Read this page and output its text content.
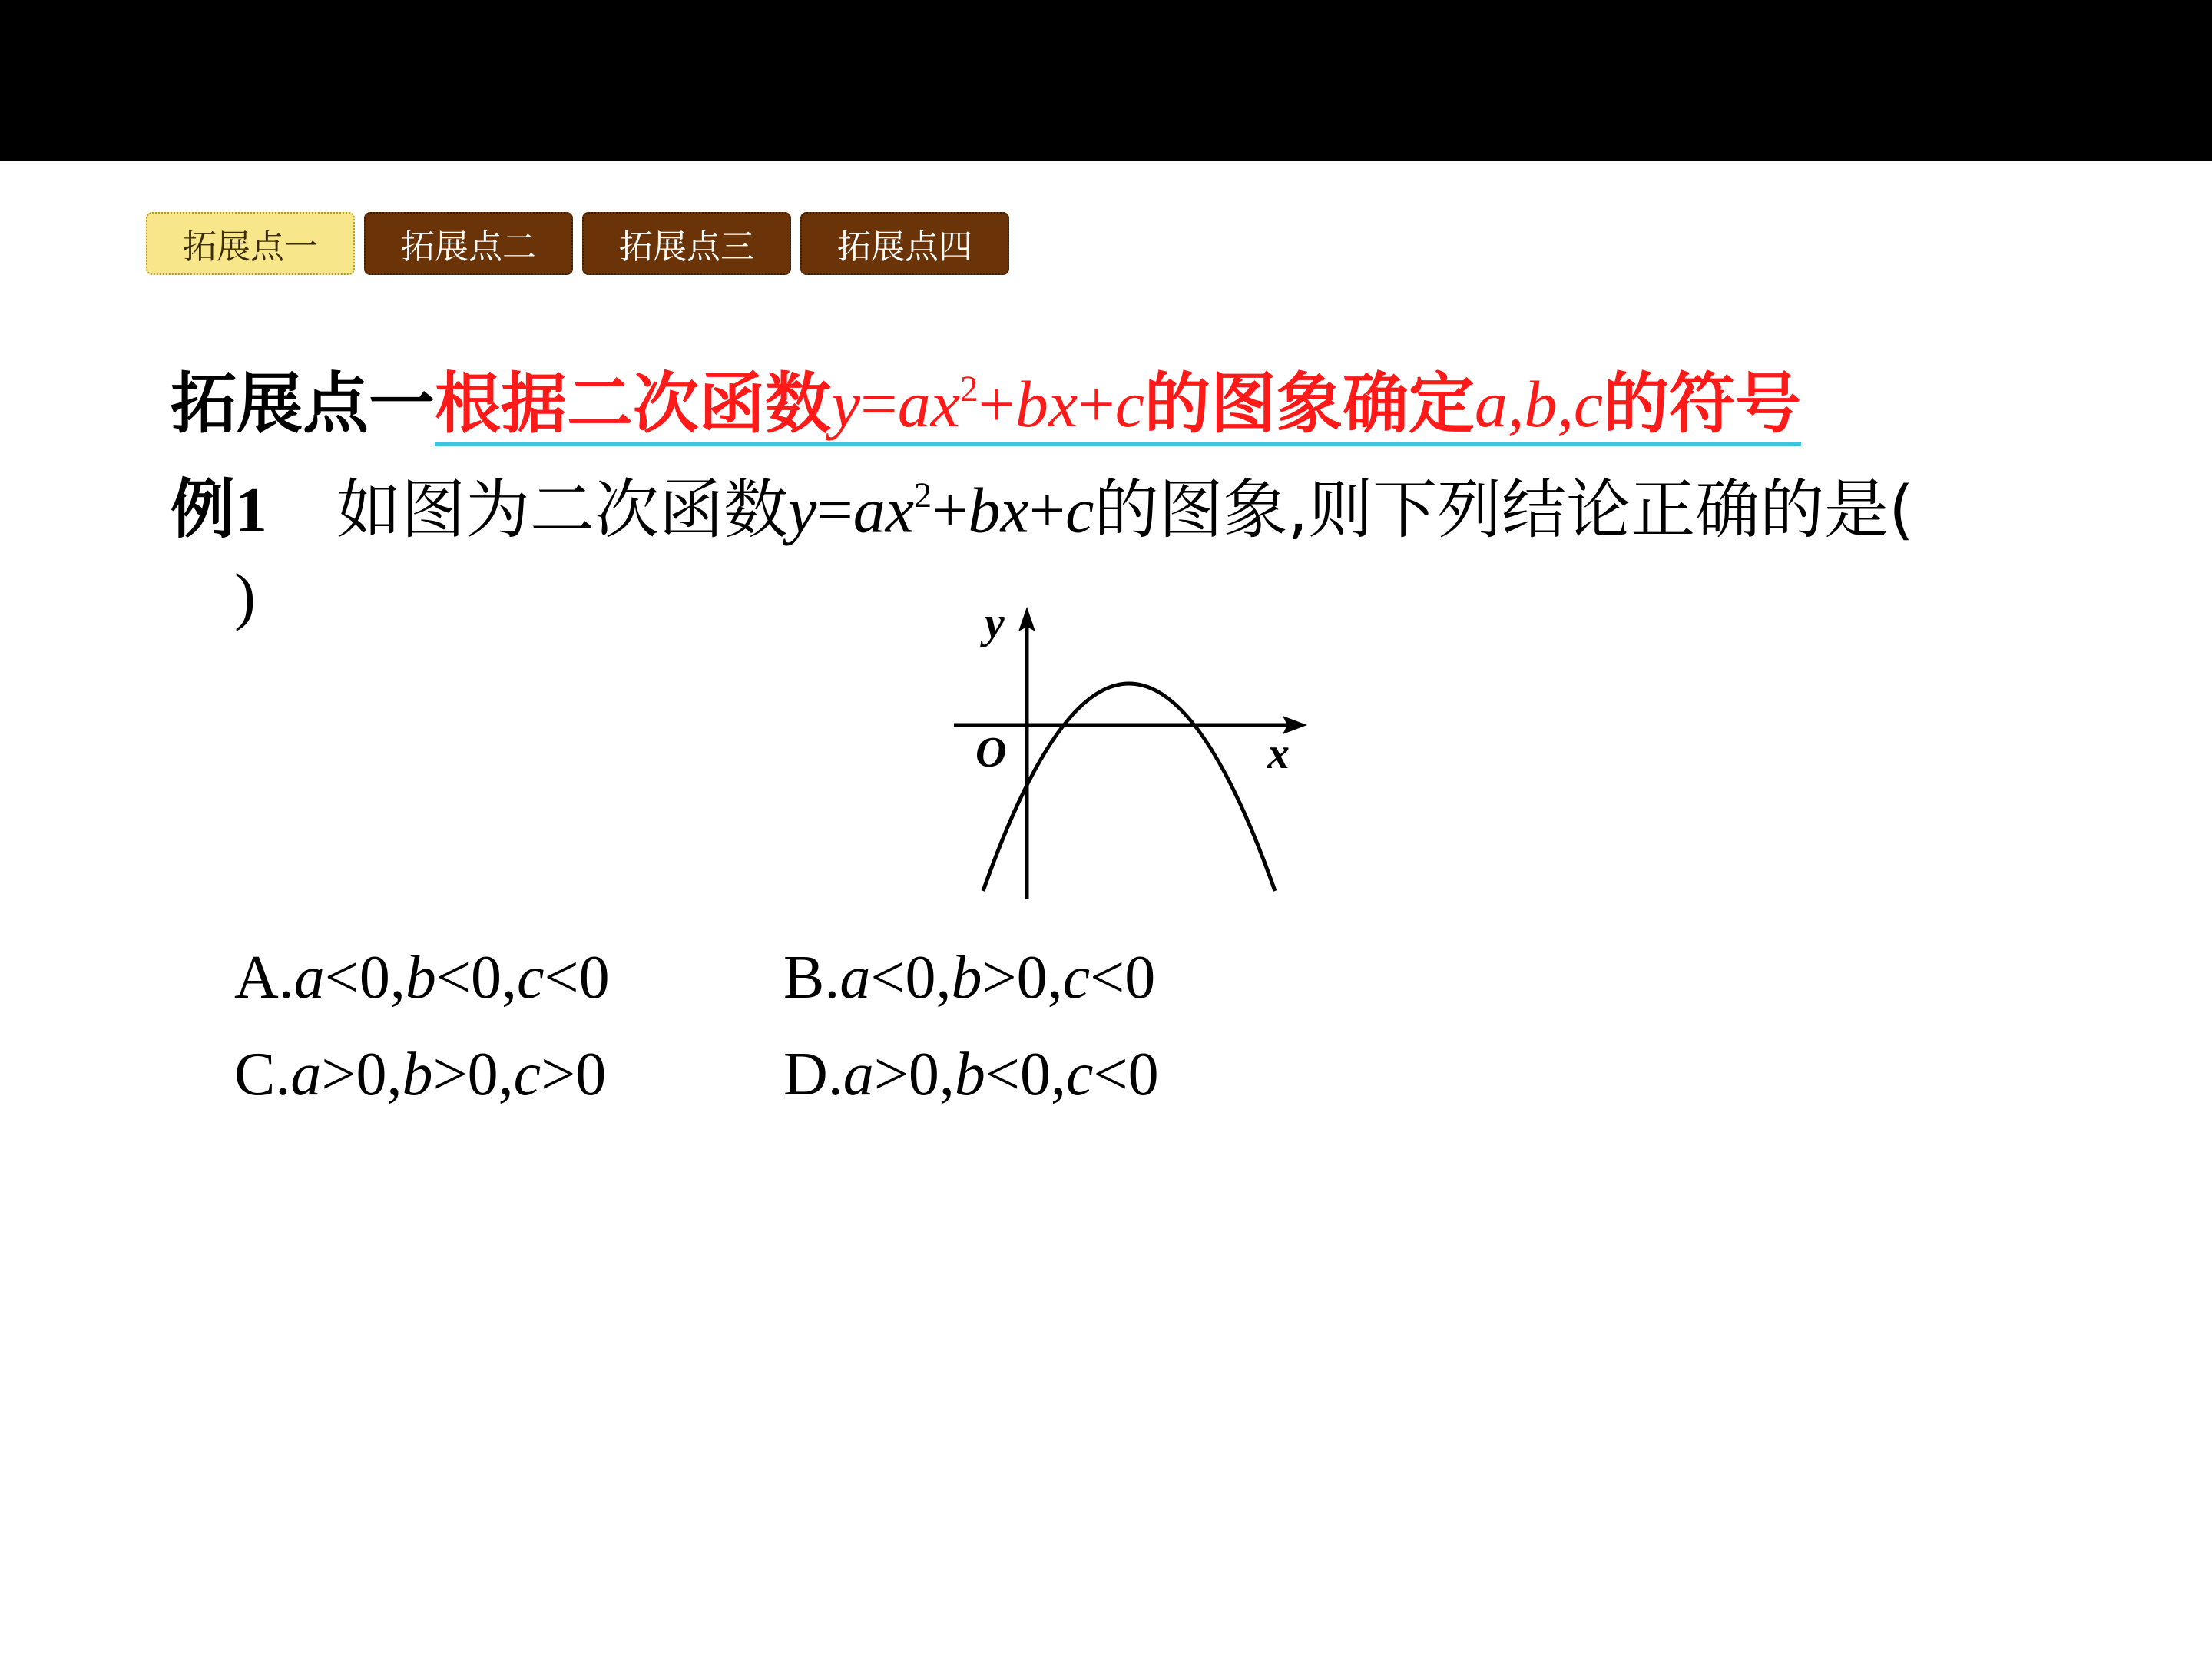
拓展点一	拓展点二	拓展点三	拓展点四
拓展点一根据二次函数$y=ax^2+bx+c$的图象确定a,b,c的符号
例1 如图为二次函数$y=ax^2+bx+c$的图象,则下列结论正确的是(
)	y
x
O
A.a<0,b<0,c<0	B.a<0,b>0,c<0
C.a>0,b>0,c>0	D.a>0,b<0,c<0
